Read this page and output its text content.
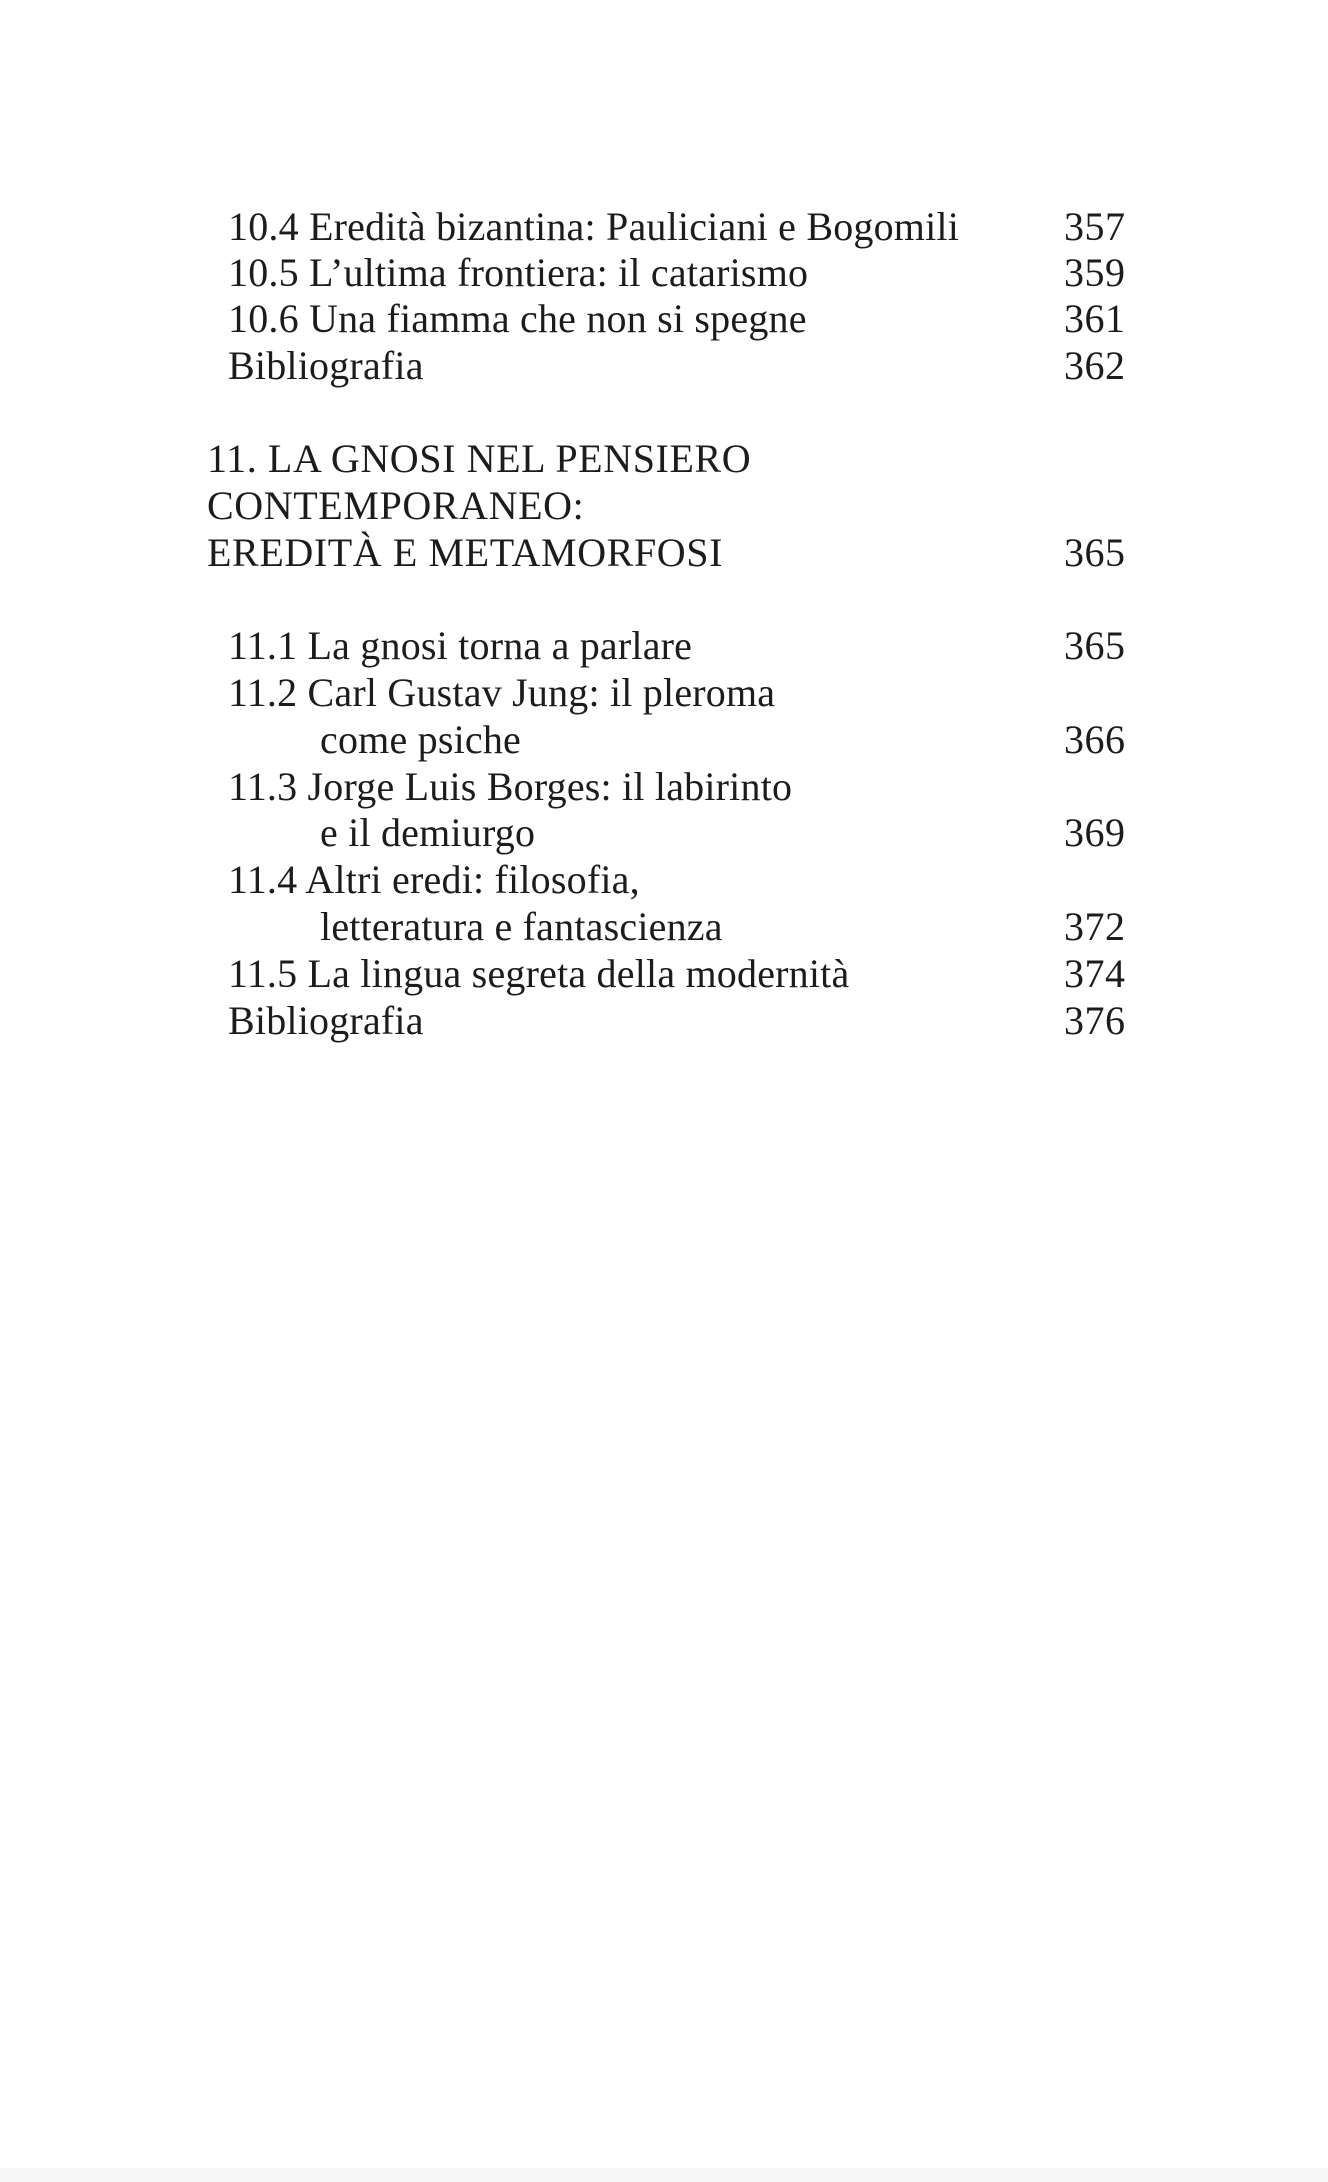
10.4 Eredità bizantina: Pauliciani e Bogomili	357
10.5 L’ultima frontiera: il catarismo	359
10.6 Una fiamma che non si spegne	361
Bibliografia	362
11. LA GNOSI NEL PENSIERO
CONTEMPORANEO:
EREDITÀ E METAMORFOSI	365
11.1 La gnosi torna a parlare	365
11.2 Carl Gustav Jung: il pleroma
come psiche	366
11.3 Jorge Luis Borges: il labirinto
e il demiurgo	369
11.4 Altri eredi: filosofia,
letteratura e fantascienza	372
11.5 La lingua segreta della modernità	374
Bibliografia	376
